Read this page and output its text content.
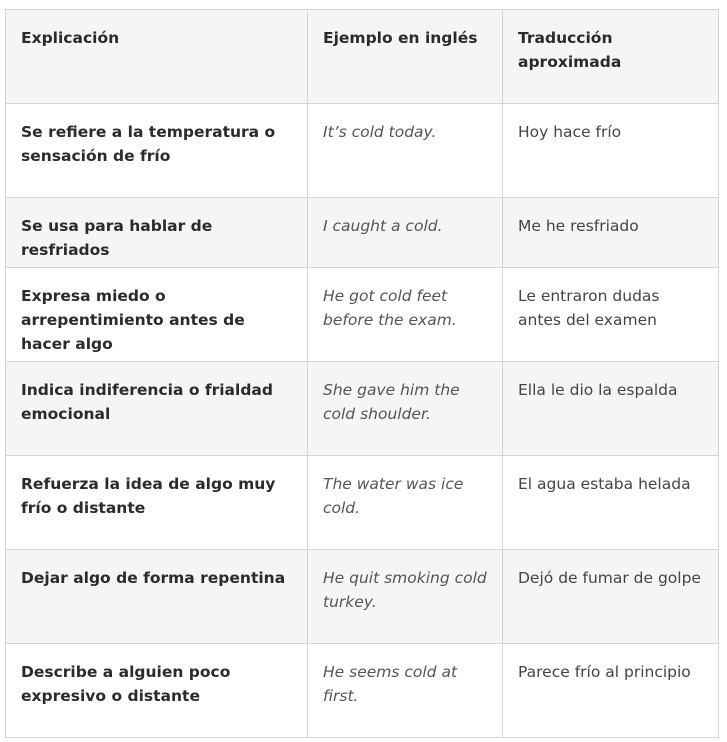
Explicación	Ejemplo en inglés	Traducción aproximada
Se refiere a la temperatura o sensación de frío	It’s cold today.	Hoy hace frío
Se usa para hablar de resfriados	I caught a cold.	Me he resfriado
Expresa miedo o arrepentimiento antes de hacer algo	He got cold feet before the exam.	Le entraron dudas antes del examen
Indica indiferencia o frialdad emocional	She gave him the cold shoulder.	Ella le dio la espalda
Refuerza la idea de algo muy frío o distante	The water was ice cold.	El agua estaba helada
Dejar algo de forma repentina	He quit smoking cold turkey.	Dejó de fumar de golpe
Describe a alguien poco expresivo o distante	He seems cold at first.	Parece frío al principio
